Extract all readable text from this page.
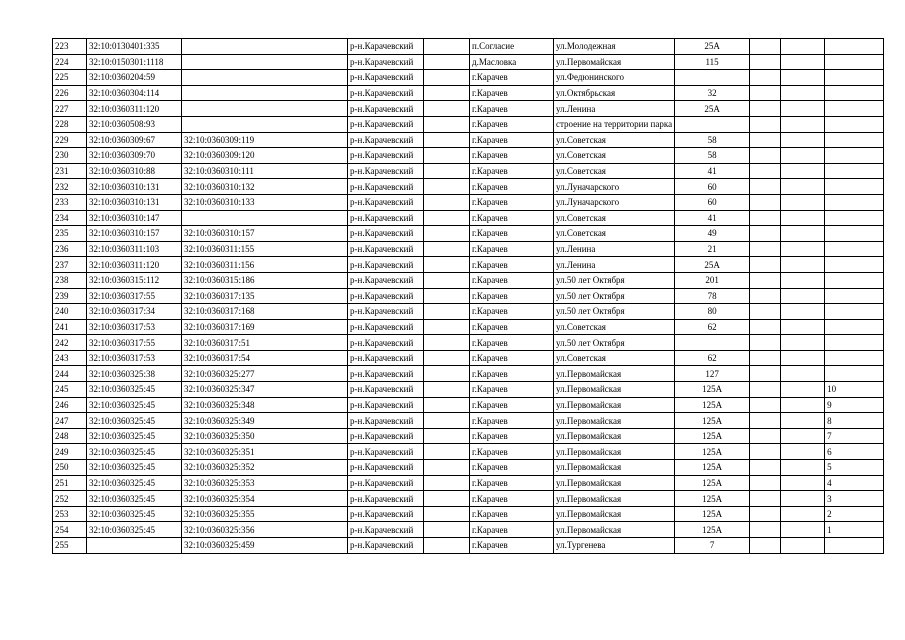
223	32:10:0130401:335		р-н.Карачевский		п.Согласие	ул.Молодежная	25А			
224	32:10:0150301:1118		р-н.Карачевский		д.Масловка	ул.Первомайская	115			
225	32:10:0360204:59		р-н.Карачевский		г.Карачев	ул.Федюнинского				
226	32:10:0360304:114		р-н.Карачевский		г.Карачев	ул.Октябрьская	32			
227	32:10:0360311:120		р-н.Карачевский		г.Карачев	ул.Ленина	25А			
228	32:10:0360508:93		р-н.Карачевский		г.Карачев	строение на территории парка				
229	32:10:0360309:67	32:10:0360309:119	р-н.Карачевский		г.Карачев	ул.Советская	58			
230	32:10:0360309:70	32:10:0360309:120	р-н.Карачевский		г.Карачев	ул.Советская	58			
231	32:10:0360310:88	32:10:0360310:111	р-н.Карачевский		г.Карачев	ул.Советская	41			
232	32:10:0360310:131	32:10:0360310:132	р-н.Карачевский		г.Карачев	ул.Луначарского	60			
233	32:10:0360310:131	32:10:0360310:133	р-н.Карачевский		г.Карачев	ул.Луначарского	60			
234	32:10:0360310:147		р-н.Карачевский		г.Карачев	ул.Советская	41			
235	32:10:0360310:157	32:10:0360310:157	р-н.Карачевский		г.Карачев	ул.Советская	49			
236	32:10:0360311:103	32:10:0360311:155	р-н.Карачевский		г.Карачев	ул.Ленина	21			
237	32:10:0360311:120	32:10:0360311:156	р-н.Карачевский		г.Карачев	ул.Ленина	25А			
238	32:10:0360315:112	32:10:0360315:186	р-н.Карачевский		г.Карачев	ул.50 лет Октября	201			
239	32:10:0360317:55	32:10:0360317:135	р-н.Карачевский		г.Карачев	ул.50 лет Октября	78			
240	32:10:0360317:34	32:10:0360317:168	р-н.Карачевский		г.Карачев	ул.50 лет Октября	80			
241	32:10:0360317:53	32:10:0360317:169	р-н.Карачевский		г.Карачев	ул.Советская	62			
242	32:10:0360317:55	32:10:0360317:51	р-н.Карачевский		г.Карачев	ул.50 лет Октября				
243	32:10:0360317:53	32:10:0360317:54	р-н.Карачевский		г.Карачев	ул.Советская	62			
244	32:10:0360325:38	32:10:0360325:277	р-н.Карачевский		г.Карачев	ул.Первомайская	127			
245	32:10:0360325:45	32:10:0360325:347	р-н.Карачевский		г.Карачев	ул.Первомайская	125А			10
246	32:10:0360325:45	32:10:0360325:348	р-н.Карачевский		г.Карачев	ул.Первомайская	125А			9
247	32:10:0360325:45	32:10:0360325:349	р-н.Карачевский		г.Карачев	ул.Первомайская	125А			8
248	32:10:0360325:45	32:10:0360325:350	р-н.Карачевский		г.Карачев	ул.Первомайская	125А			7
249	32:10:0360325:45	32:10:0360325:351	р-н.Карачевский		г.Карачев	ул.Первомайская	125А			6
250	32:10:0360325:45	32:10:0360325:352	р-н.Карачевский		г.Карачев	ул.Первомайская	125А			5
251	32:10:0360325:45	32:10:0360325:353	р-н.Карачевский		г.Карачев	ул.Первомайская	125А			4
252	32:10:0360325:45	32:10:0360325:354	р-н.Карачевский		г.Карачев	ул.Первомайская	125А			3
253	32:10:0360325:45	32:10:0360325:355	р-н.Карачевский		г.Карачев	ул.Первомайская	125А			2
254	32:10:0360325:45	32:10:0360325:356	р-н.Карачевский		г.Карачев	ул.Первомайская	125А			1
255		32:10:0360325:459	р-н.Карачевский		г.Карачев	ул.Тургенева	7			
